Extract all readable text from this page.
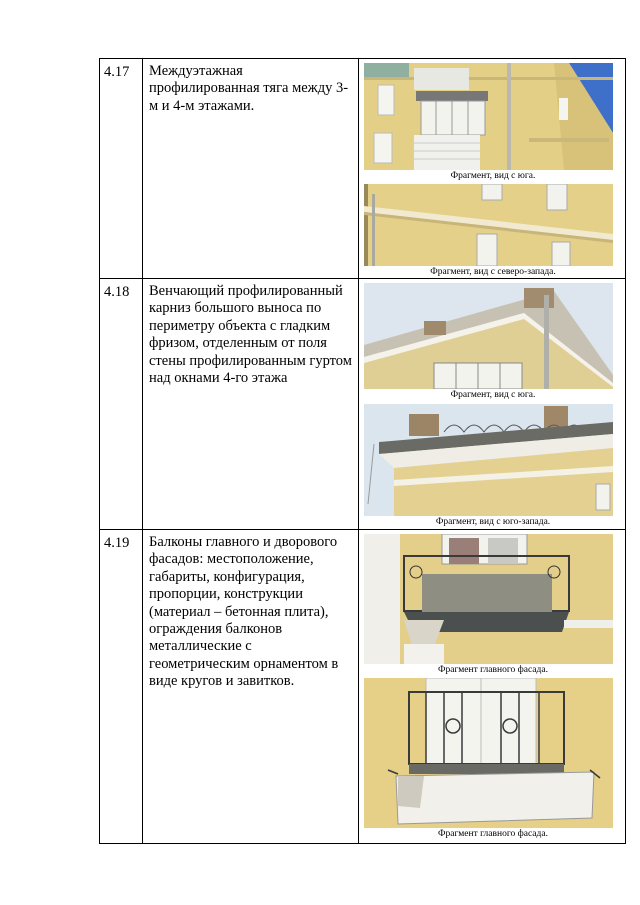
4.17	Междуэтажная профилированная тяга между 3-м и 4-м этажами.	Фрагмент, вид с юга.
Фрагмент, вид с северо-запада.

4.18	Венчающий профилированный карниз большого выноса по периметру объекта с гладким фризом, отделенным от поля стены профилированным гуртом над окнами 4-го этажа	Фрагмент, вид с юга.
Фрагмент, вид с юго-запада.

4.19	Балконы главного и дворового фасадов: местоположение, габариты, конфигурация, пропорции, конструкции (материал – бетонная плита), ограждения балконов металлические с геометрическим орнаментом в виде кругов и завитков.	Фрагмент главного фасада.
Фрагмент главного фасада.
